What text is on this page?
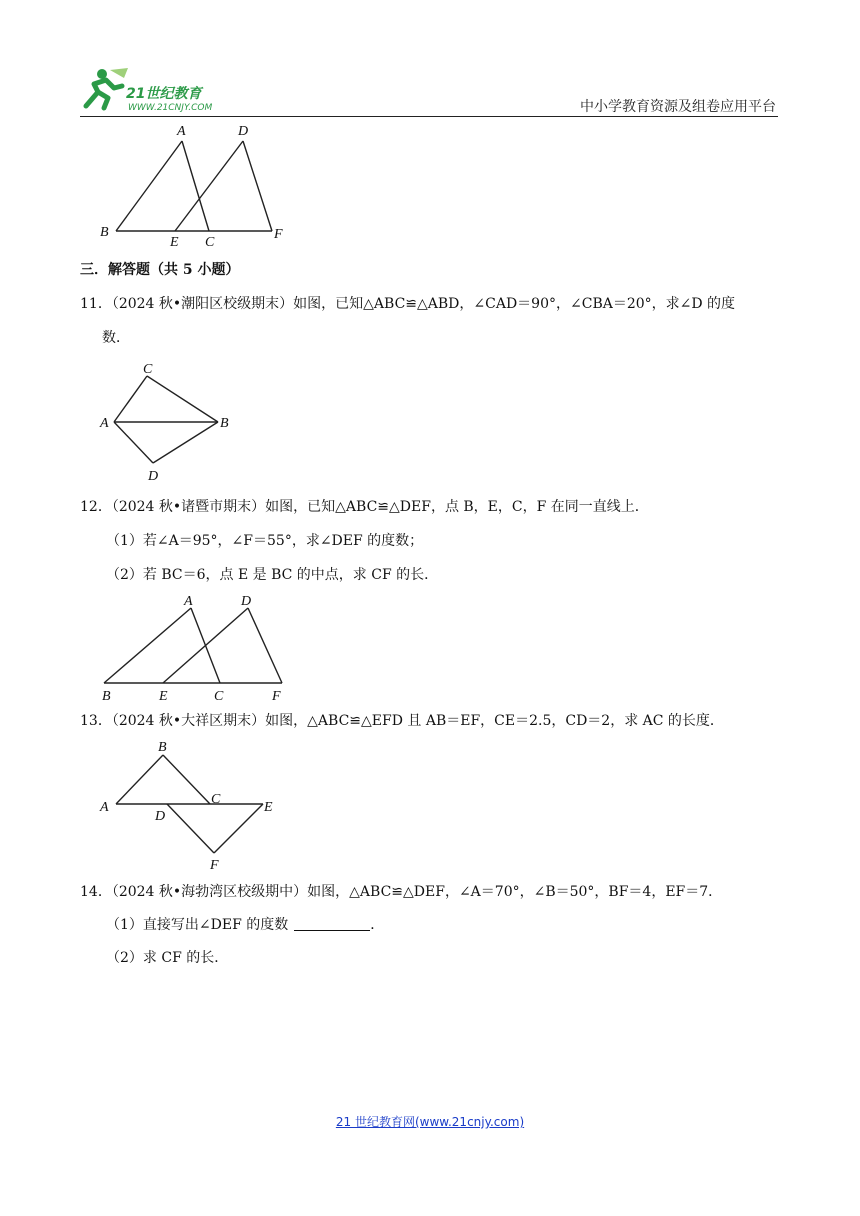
21世纪教育
WWW.21CNJY.COM	中小学教育资源及组卷应用平台
A	D
B
E C
F
三．解答题（共 5 小题）
11．（2024 秋•潮阳区校级期末）如图，已知△ABC≌△ABD，∠CAD＝90°，∠CBA＝20°，求∠D 的度
数．
C
A	B
D
12．（2024 秋•诸暨市期末）如图，已知△ABC≌△DEF，点 B，E，C，F 在同一直线上．
（1）若∠A＝95°，∠F＝55°，求∠DEF 的度数；
（2）若 BC＝6，点 E 是 BC 的中点，求 CF 的长．
A	D
B	E	C	F
13．（2024 秋•大祥区期末）如图，△ABC≌△EFD 且 AB＝EF，CE＝2.5，CD＝2，求 AC 的长度．
B
C
E
A
D
F
14．（2024 秋•海勃湾区校级期中）如图，△ABC≌△DEF，∠A＝70°，∠B＝50°，BF＝4，EF＝7．
（1）直接写出∠DEF 的度数	．
（2）求 CF 的长．
21 世纪教育网(www.21cnjy.com)
